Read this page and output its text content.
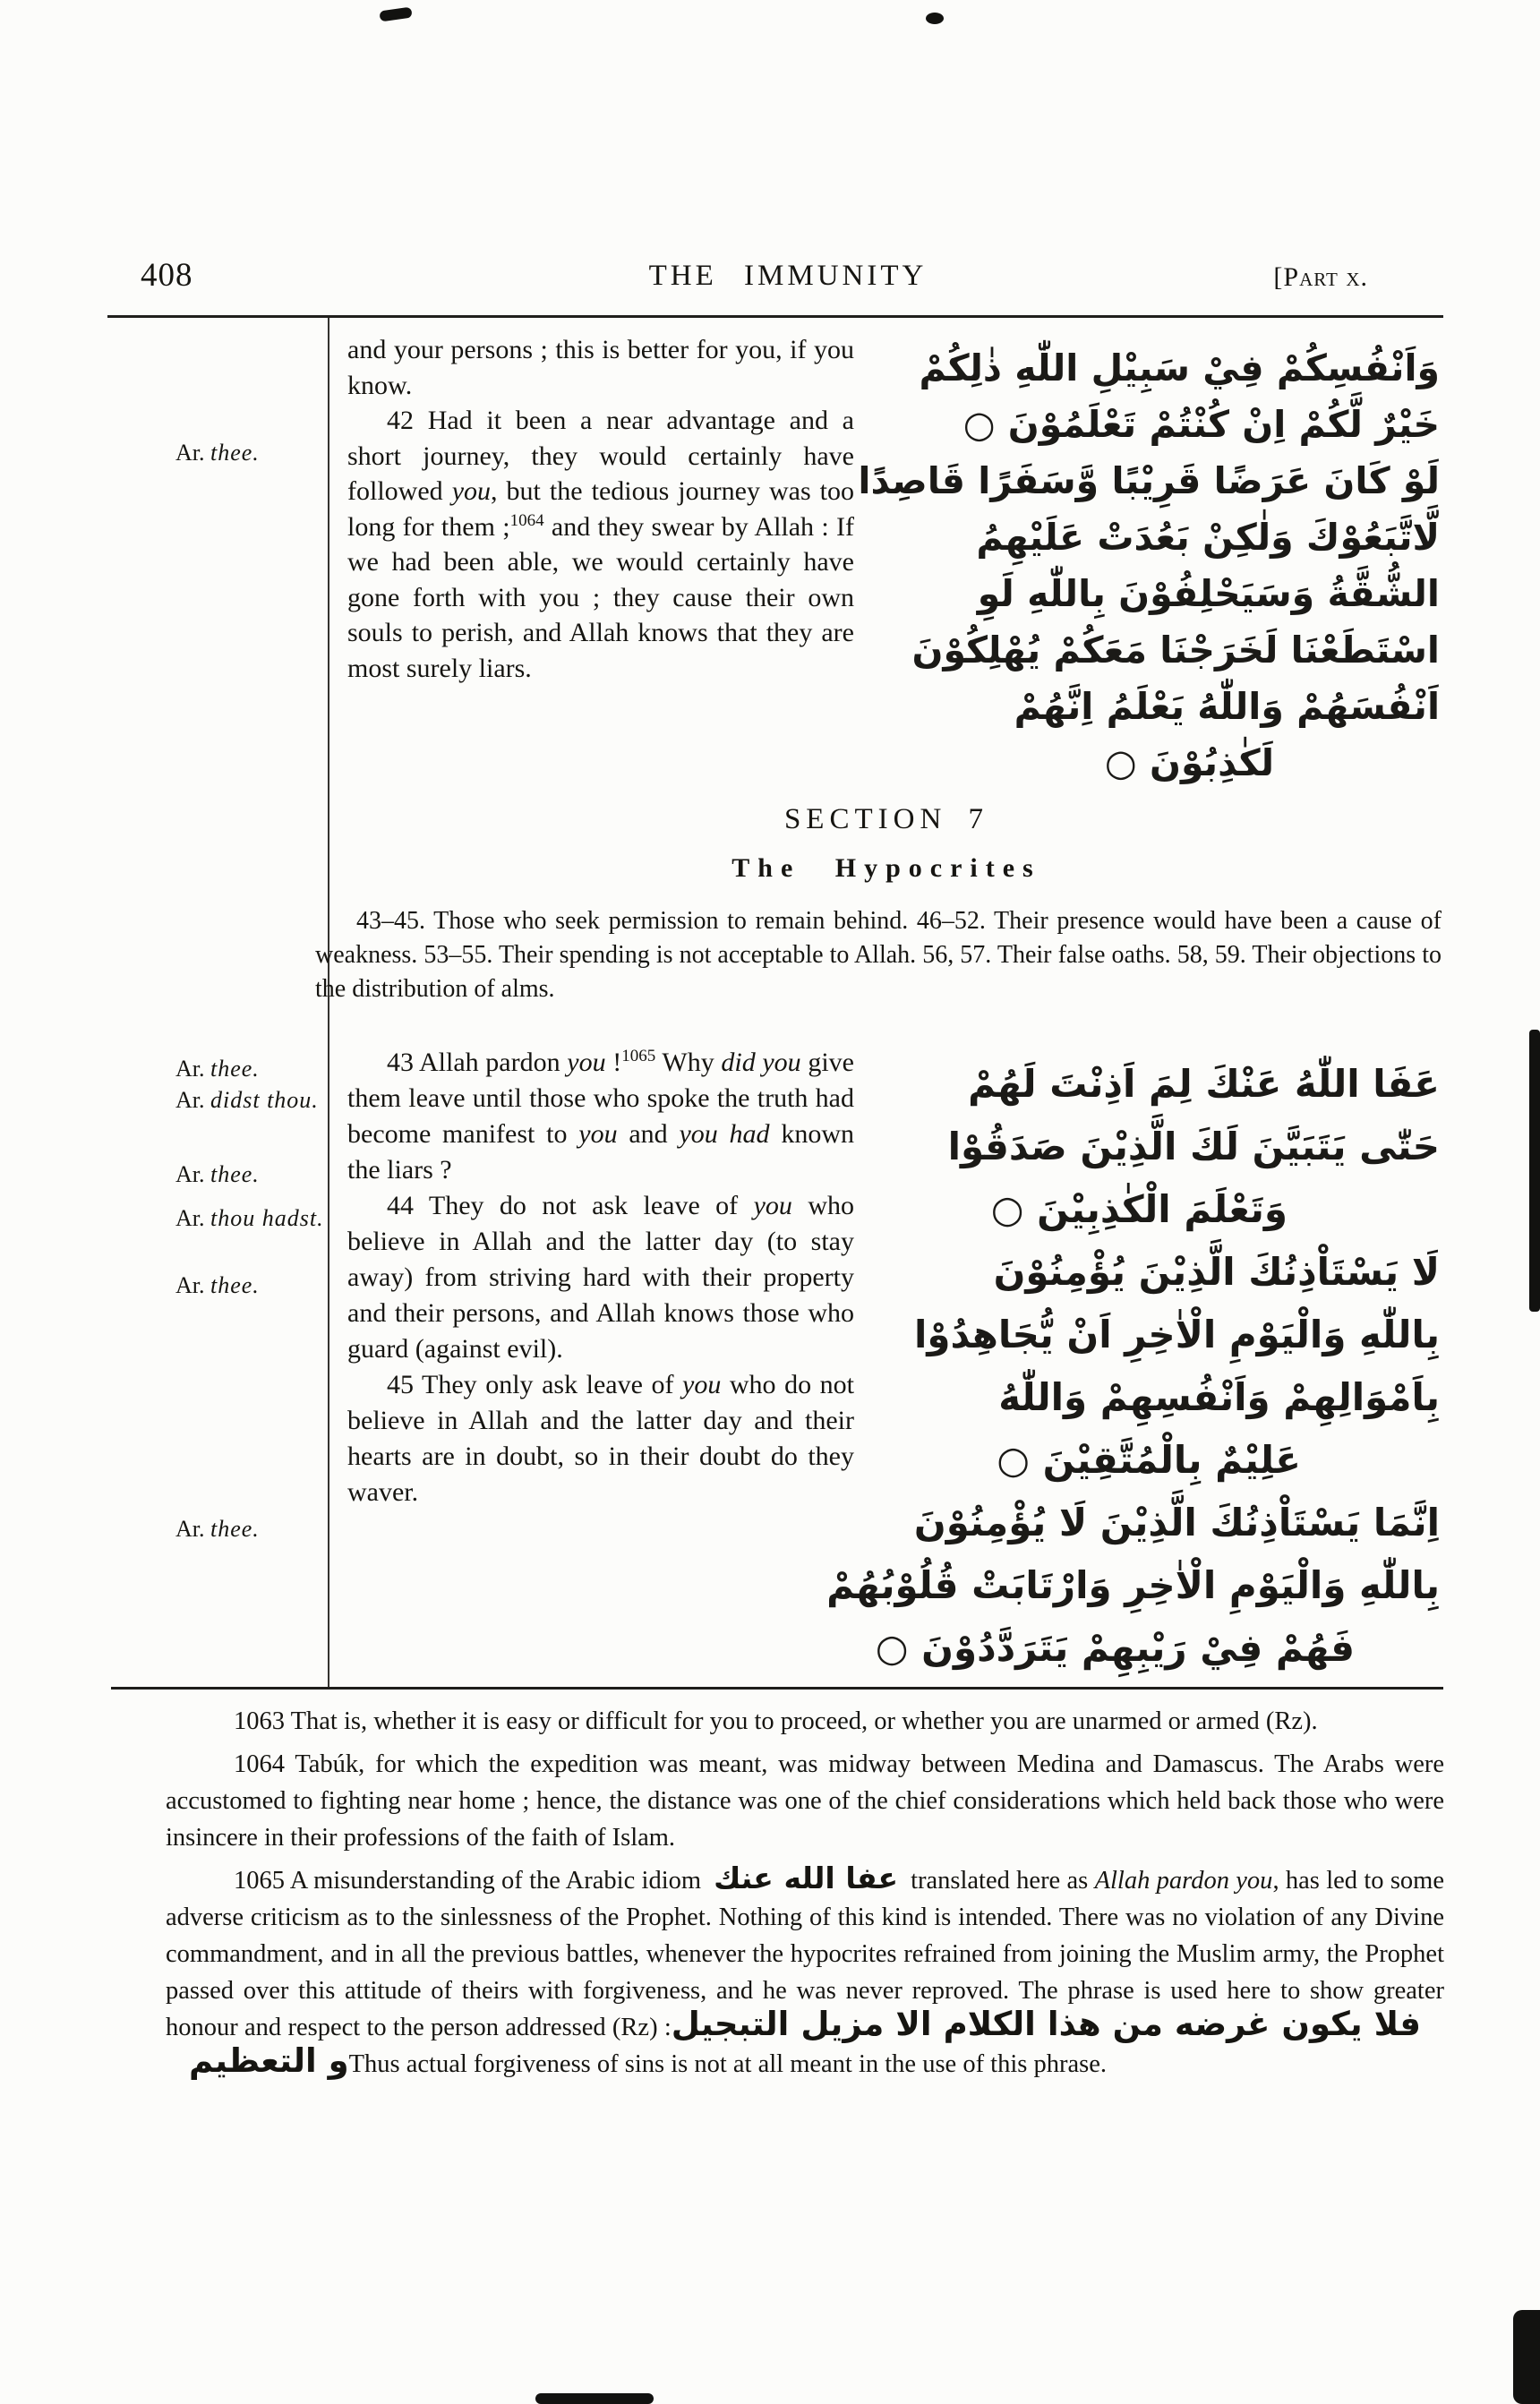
408	THE IMMUNITY	[Part x.
Ar. thee.
Ar. thee.
Ar. didst thou.
Ar. thee.
Ar. thou hadst.
Ar. thee.
Ar. thee.

and your persons ; this is better for you, if you know.

42 Had it been a near advantage and a short journey, they would certainly have followed you, but the tedious journey was too long for them ;$^{1064}$ and they swear by Allah : If we had been able, we would certainly have gone forth with you ; they cause their own souls to perish, and Allah knows that they are most surely liars.

وَاَنْفُسِكُمْ فِيْ سَبِيْلِ اللّٰهِ ذٰلِكُمْ
خَيْرٌ لَّكُمْ اِنْ كُنْتُمْ تَعْلَمُوْنَ ○
لَوْ كَانَ عَرَضًا قَرِيْبًا وَّسَفَرًا قَاصِدًا
لَّاتَّبَعُوْكَ وَلٰكِنْ بَعُدَتْ عَلَيْهِمُ
الشُّقَّةُ وَسَيَحْلِفُوْنَ بِاللّٰهِ لَوِ
اسْتَطَعْنَا لَخَرَجْنَا مَعَكُمْ يُهْلِكُوْنَ
اَنْفُسَهُمْ وَاللّٰهُ يَعْلَمُ اِنَّهُمْ
لَكٰذِبُوْنَ ○
SECTION 7
The Hypocrites
43–45. Those who seek permission to remain behind. 46–52. Their presence would have been a cause of weakness. 53–55. Their spending is not acceptable to Allah. 56, 57. Their false oaths. 58, 59. Their objections to the distribution of alms.

43 Allah pardon you !$^{1065}$ Why did you give them leave until those who spoke the truth had become manifest to you and you had known the liars ?

44 They do not ask leave of you who believe in Allah and the latter day (to stay away) from striving hard with their property and their persons, and Allah knows those who guard (against evil).

45 They only ask leave of you who do not believe in Allah and the latter day and their hearts are in doubt, so in their doubt do they waver.

عَفَا اللّٰهُ عَنْكَ لِمَ اَذِنْتَ لَهُمْ
حَتّٰى يَتَبَيَّنَ لَكَ الَّذِيْنَ صَدَقُوْا
وَتَعْلَمَ الْكٰذِبِيْنَ ○
لَا يَسْتَاْذِنُكَ الَّذِيْنَ يُؤْمِنُوْنَ
بِاللّٰهِ وَالْيَوْمِ الْاٰخِرِ اَنْ يُّجَاهِدُوْا
بِاَمْوَالِهِمْ وَاَنْفُسِهِمْ وَاللّٰهُ
عَلِيْمٌ بِالْمُتَّقِيْنَ ○
اِنَّمَا يَسْتَاْذِنُكَ الَّذِيْنَ لَا يُؤْمِنُوْنَ
بِاللّٰهِ وَالْيَوْمِ الْاٰخِرِ وَارْتَابَتْ قُلُوْبُهُمْ
فَهُمْ فِيْ رَيْبِهِمْ يَتَرَدَّدُوْنَ ○

1063 That is, whether it is easy or difficult for you to proceed, or whether you are unarmed or armed (Rz).

1064 Tabúk, for which the expedition was meant, was midway between Medina and Damascus. The Arabs were accustomed to fighting near home ; hence, the distance was one of the chief considerations which held back those who were insincere in their professions of the faith of Islam.

1065 A misunderstanding of the Arabic idiom عفا الله عنك translated here as Allah pardon you, has led to some adverse criticism as to the sinlessness of the Prophet. Nothing of this kind is intended. There was no violation of any Divine commandment, and in all the previous battles, whenever the hypocrites refrained from joining the Muslim army, the Prophet passed over this attitude of theirs with forgiveness, and he was never reproved. The phrase is used here to show greater honour and respect to the person addressed (Rz) :فلا يكون غرضه من هذا الكلام الا مزيل التبجيل و التعظيمThus actual forgiveness of sins is not at all meant in the use of this phrase.
